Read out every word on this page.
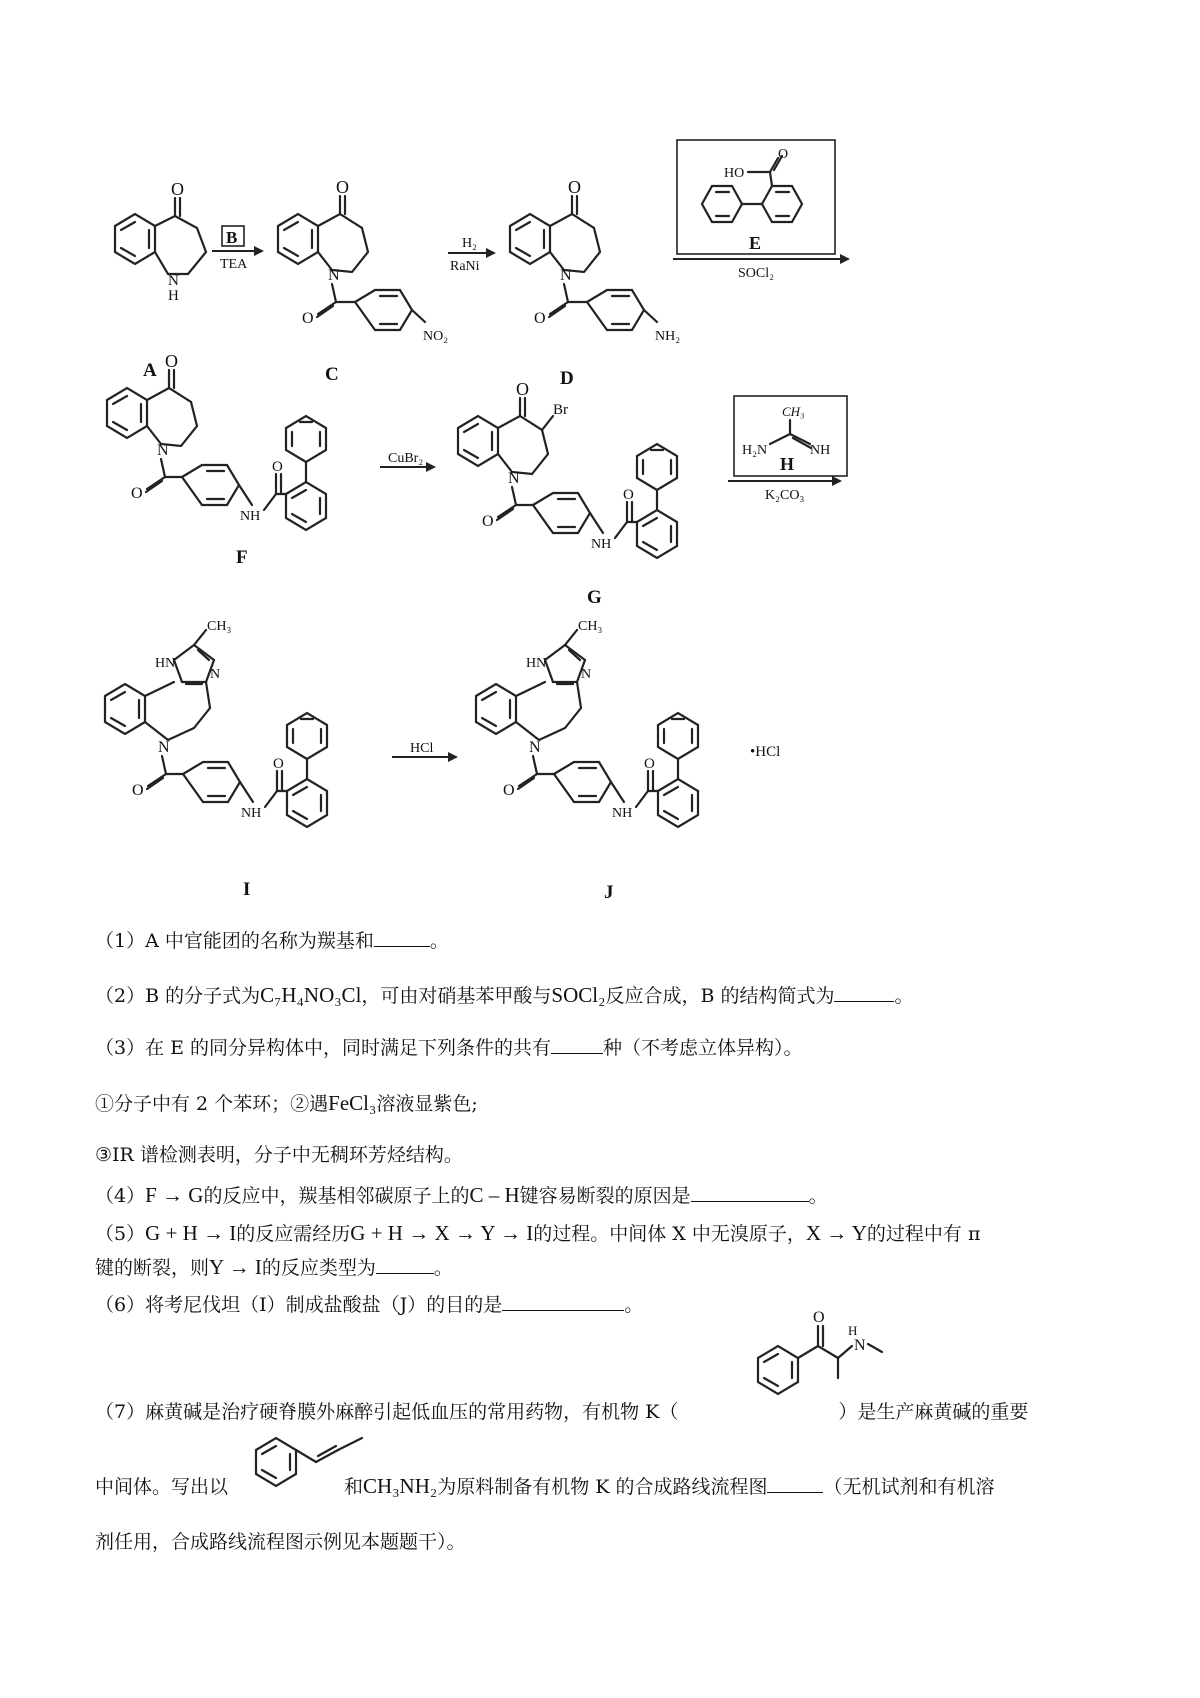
O
N
H
A
B
TEA
O
N
O
NO₂
C
H₂
RaNi
O
N
O
NH₂
D
HO
O
E
SOCl₂
O
N
O
NH
O
F
CuBr₂
O
Br
N
O
NH
O
G
CH₃
H₂N	NH
H
K₂CO₃
CH₃
HN
N
N
O
NH
O
I
HCl
CH₃
HN
N
N
O
NH
O
•HCl
J
O
H
N
（1）A 中官能团的名称为羰基和	。
（2）B 的分子式为C₇H₄NO₃Cl，可由对硝基苯甲酸与SOCl₂反应合成，B 的结构简式为	。
（3）在 E 的同分异构体中，同时满足下列条件的共有	种（不考虑立体异构）。
①分子中有 2 个苯环；②遇FeCl₃溶液显紫色;
③IR 谱检测表明，分子中无稠环芳烃结构。
（4）F → G的反应中，羰基相邻碳原子上的C – H键容易断裂的原因是	。
（5）G + H → I的反应需经历G + H → X → Y → I的过程。中间体 X 中无溴原子，X → Y的过程中有 π
键的断裂，则Y → I的反应类型为	。
（6）将考尼伐坦（I）制成盐酸盐（J）的目的是	。
（7）麻黄碱是治疗硬脊膜外麻醉引起低血压的常用药物，有机物 K（	）是生产麻黄碱的重要
中间体。写出以	和CH₃NH₂为原料制备有机物 K 的合成路线流程图	（无机试剂和有机溶
剂任用，合成路线流程图示例见本题题干）。
